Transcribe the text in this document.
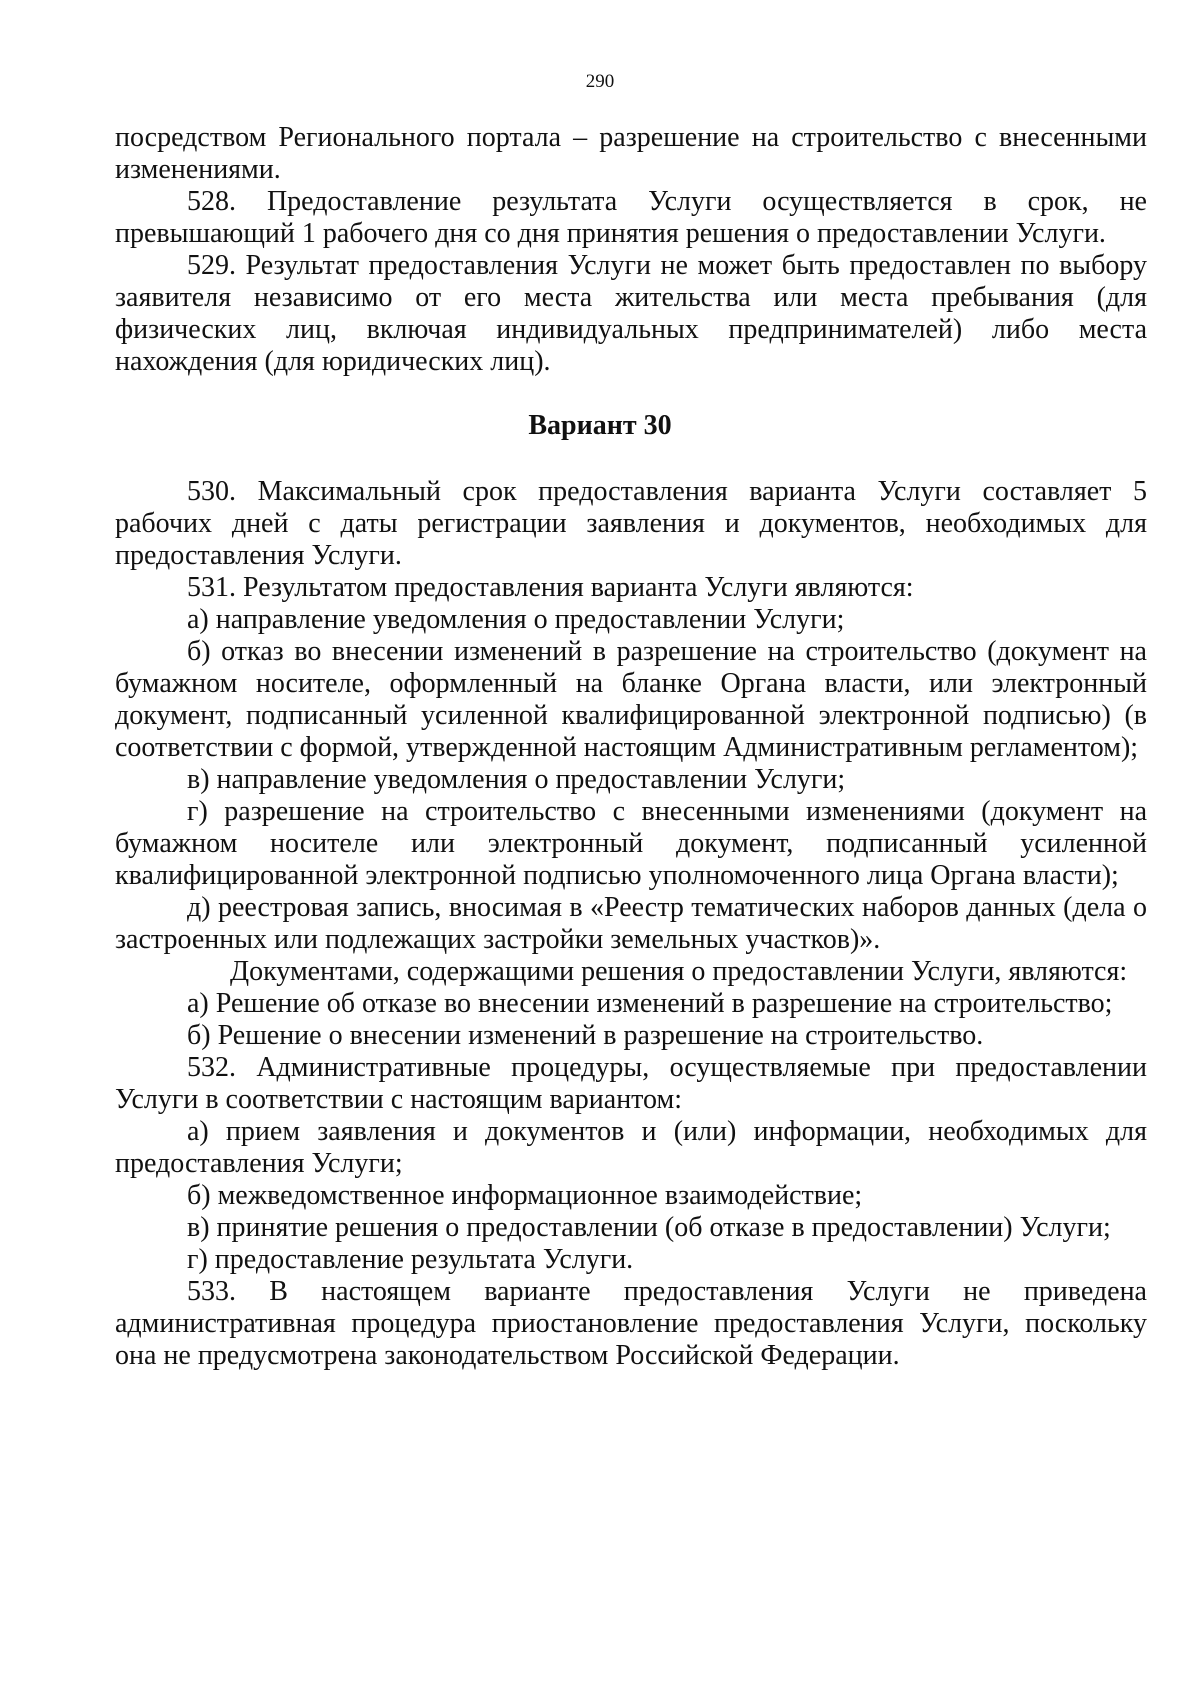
290

посредством Регионального портала – разрешение на строительство с внесенными изменениями.

528. Предоставление результата Услуги осуществляется в срок, не превышающий 1 рабочего дня со дня принятия решения о предоставлении Услуги.

529. Результат предоставления Услуги не может быть предоставлен по выбору заявителя независимо от его места жительства или места пребывания (для физических лиц, включая индивидуальных предпринимателей) либо места нахождения (для юридических лиц).

Вариант 30

530. Максимальный срок предоставления варианта Услуги составляет 5 рабочих дней с даты регистрации заявления и документов, необходимых для предоставления Услуги.

531. Результатом предоставления варианта Услуги являются:

а) направление уведомления о предоставлении Услуги;

б) отказ во внесении изменений в разрешение на строительство (документ на бумажном носителе, оформленный на бланке Органа власти, или электронный документ, подписанный усиленной квалифицированной электронной подписью) (в соответствии с формой, утвержденной настоящим Административным регламентом);

в) направление уведомления о предоставлении Услуги;

г) разрешение на строительство с внесенными изменениями (документ на бумажном носителе или электронный документ, подписанный усиленной квалифицированной электронной подписью уполномоченного лица Органа власти);

д) реестровая запись, вносимая в «Реестр тематических наборов данных (дела о застроенных или подлежащих застройки земельных участков)».

Документами, содержащими решения о предоставлении Услуги, являются:

а) Решение об отказе во внесении изменений в разрешение на строительство;

б) Решение о внесении изменений в разрешение на строительство.

532. Административные процедуры, осуществляемые при предоставлении Услуги в соответствии с настоящим вариантом:

а) прием заявления и документов и (или) информации, необходимых для предоставления Услуги;

б) межведомственное информационное взаимодействие;

в) принятие решения о предоставлении (об отказе в предоставлении) Услуги;

г) предоставление результата Услуги.

533. В настоящем варианте предоставления Услуги не приведена административная процедура приостановление предоставления Услуги, поскольку она не предусмотрена законодательством Российской Федерации.
